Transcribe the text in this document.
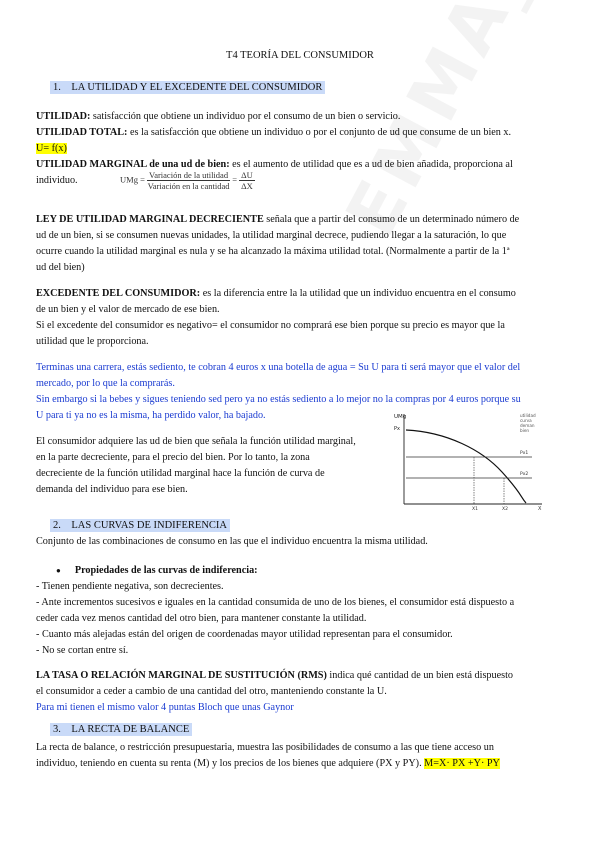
T4 TEORÍA DEL CONSUMIDOR
1. LA UTILIDAD Y EL EXCEDENTE DEL CONSUMIDOR
UTILIDAD: satisfacción que obtiene un individuo por el consumo de un bien o servicio.
UTILIDAD TOTAL: es la satisfacción que obtiene un individuo o por el conjunto de ud que consume de un bien x.
U= f(x)
UTILIDAD MARGINAL de una ud de bien: es el aumento de utilidad que es a ud de bien añadida, proporciona al
individuo.	UMg = $\frac{\text{Variación de la utilidad}}{\text{Variación en la cantidad}} = \frac{\Delta U}{\Delta X}$
LEY DE UTILIDAD MARGINAL DECRECIENTE señala que a partir del consumo de un determinado número de
ud de un bien, si se consumen nuevas unidades, la utilidad marginal decrece, pudiendo llegar a la saturación, lo que
ocurre cuando la utilidad marginal es nula y se ha alcanzado la máxima utilidad total. (Normalmente a partir de la 1ª
ud del bien)
EXCEDENTE DEL CONSUMIDOR: es la diferencia entre la la utilidad que un individuo encuentra en el consumo
de un bien y el valor de mercado de ese bien.
Si el excedente del consumidor es negativo= el consumidor no comprará ese bien porque su precio es mayor que la
utilidad que le proporciona.
Terminas una carrera, estás sediento, te cobran 4 euros x una botella de agua = Su U para ti será mayor que el valor del
mercado, por lo que la comprarás.
Sin embargo si la bebes y sigues teniendo sed pero ya no estás sediento a lo mejor no la compras por 4 euros porque su
U para ti ya no es la misma, ha perdido valor, ha bajado.
El consumidor adquiere las ud de bien que señala la función utilidad marginal,
en la parte decreciente, para el precio del bien. Por lo tanto, la zona
decreciente de la función utilidad marginal hace la función de curva de
demanda del individuo para ese bien.
UMg
Px
Px1
Px2
X1	X2	X
utilidad
curva
deman
bien
2. LAS CURVAS DE INDIFERENCIA
Conjunto de las combinaciones de consumo en las que el individuo encuentra la misma utilidad.
● Propiedades de las curvas de indiferencia:
- Tienen pendiente negativa, son decrecientes.
- Ante incrementos sucesivos e iguales en la cantidad consumida de uno de los bienes, el consumidor está dispuesto a
ceder cada vez menos cantidad del otro bien, para mantener constante la utilidad.
- Cuanto más alejadas están del origen de coordenadas mayor utilidad representan para el consumidor.
- No se cortan entre sí.
LA TASA O RELACIÓN MARGINAL DE SUSTITUCIÓN (RMS) indica qué cantidad de un bien está dispuesto
el consumidor a ceder a cambio de una cantidad del otro, manteniendo constante la U.
Para mi tienen el mismo valor 4 puntas Bloch que unas Gaynor
3. LA RECTA DE BALANCE
La recta de balance, o restricción presupuestaria, muestra las posibilidades de consumo a las que tiene acceso un
individuo, teniendo en cuenta su renta (M) y los precios de los bienes que adquiere (PX y PY). M=X· PX +Y· PY
